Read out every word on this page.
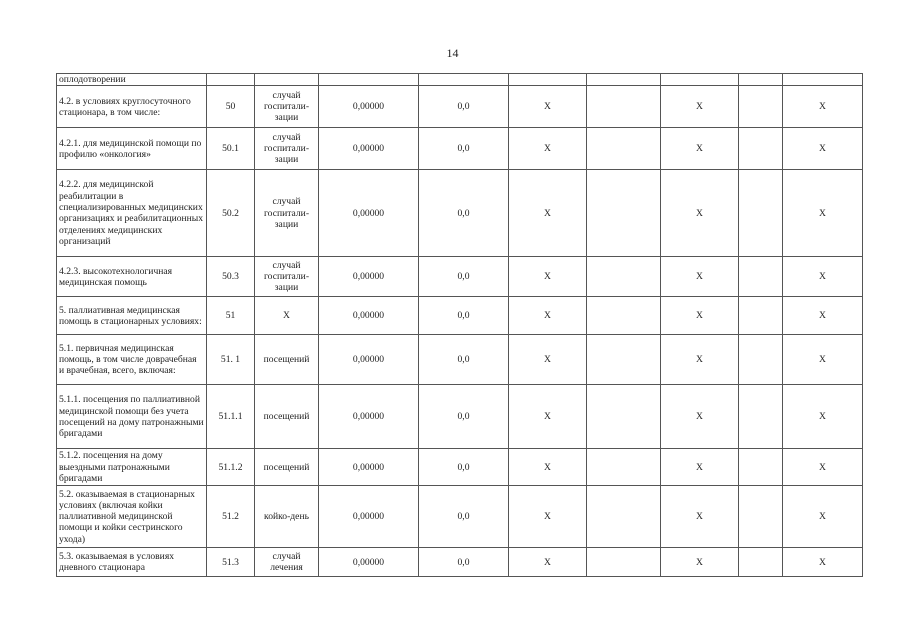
14
оплодотворении									
4.2. в условиях круглосуточного стационара, в том числе:	50	случай госпитали-зации	0,00000	0,0	Х		Х		Х
4.2.1. для медицинской помощи по профилю «онкология»	50.1	случай госпитали-зации	0,00000	0,0	Х		Х		Х
4.2.2. для медицинской реабилитации в специализированных медицинских организациях и реабилитационных отделениях медицинских организаций	50.2	случай госпитали-зации	0,00000	0,0	Х		Х		Х
4.2.3. высокотехнологичная медицинская помощь	50.3	случай госпитали-зации	0,00000	0,0	Х		Х		Х
5. паллиативная медицинская помощь в стационарных условиях:	51	Х	0,00000	0,0	Х		Х		Х
5.1. первичная медицинская помощь, в том числе доврачебная и врачебная, всего, включая:	51. 1	посещений	0,00000	0,0	Х		Х		Х
5.1.1. посещения по паллиативной медицинской помощи без учета посещений на дому патронажными бригадами	51.1.1	посещений	0,00000	0,0	Х		Х		Х
5.1.2. посещения на дому выездными патронажными бригадами	51.1.2	посещений	0,00000	0,0	Х		Х		Х
5.2. оказываемая в стационарных условиях (включая койки паллиативной медицинской помощи и койки сестринского ухода)	51.2	койко-день	0,00000	0,0	Х		Х		Х
5.3. оказываемая в условиях дневного стационара	51.3	случай лечения	0,00000	0,0	Х		Х		Х
